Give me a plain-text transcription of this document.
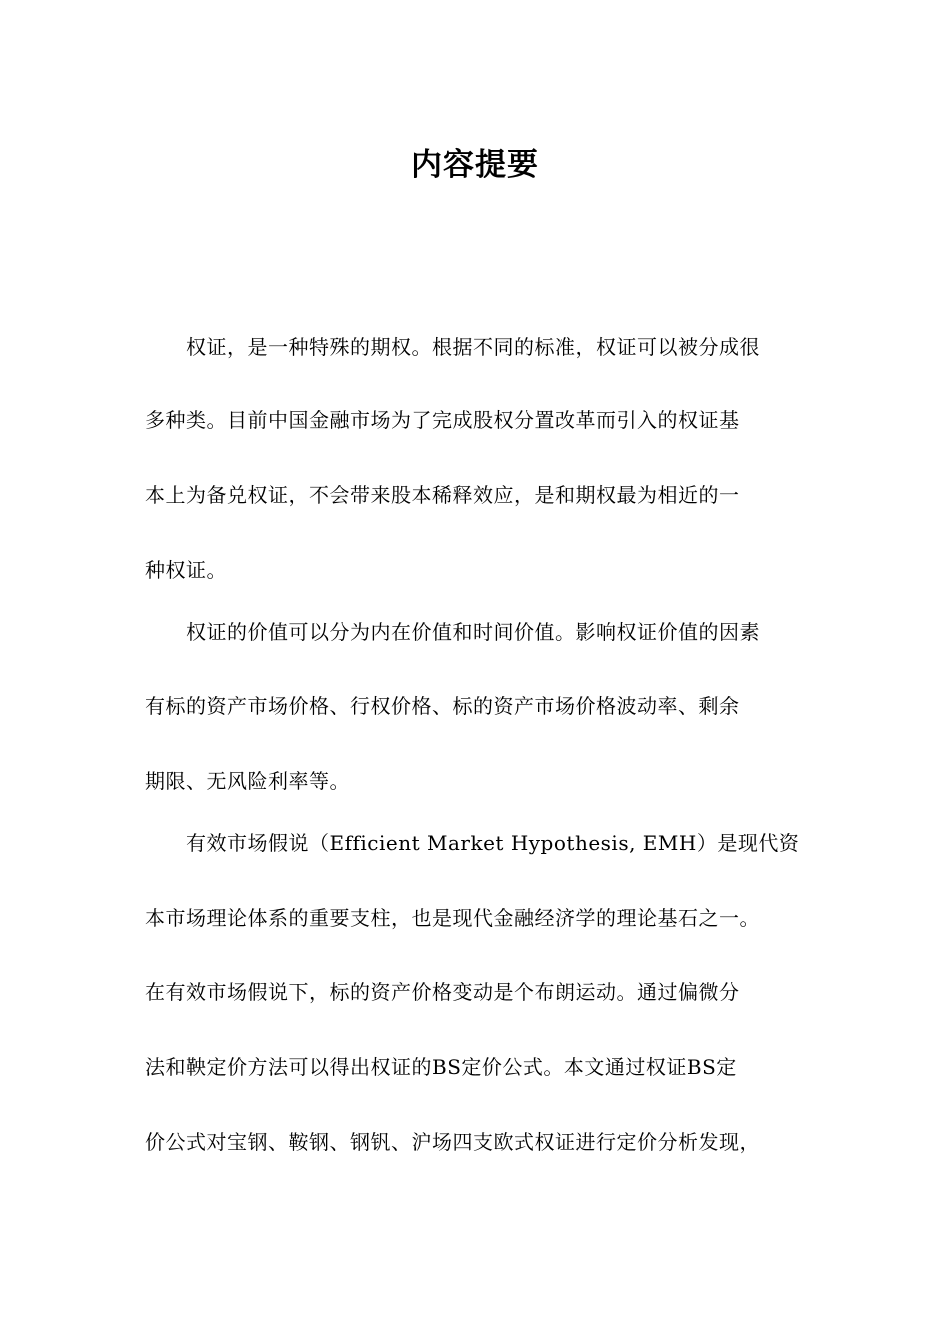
内容提要
　　权证，是一种特殊的期权。根据不同的标准，权证可以被分成很
多种类。目前中国金融市场为了完成股权分置改革而引入的权证基
本上为备兑权证，不会带来股本稀释效应，是和期权最为相近的一
种权证。
　　权证的价值可以分为内在价值和时间价值。影响权证价值的因素
有标的资产市场价格、行权价格、标的资产市场价格波动率、剩余
期限、无风险利率等。
　　有效市场假说（Efficient Market Hypothesis, EMH）是现代资
本市场理论体系的重要支柱，也是现代金融经济学的理论基石之一。
在有效市场假说下，标的资产价格变动是个布朗运动。通过偏微分
法和鞅定价方法可以得出权证的BS定价公式。本文通过权证BS定
价公式对宝钢、鞍钢、钢钒、沪场四支欧式权证进行定价分析发现，
